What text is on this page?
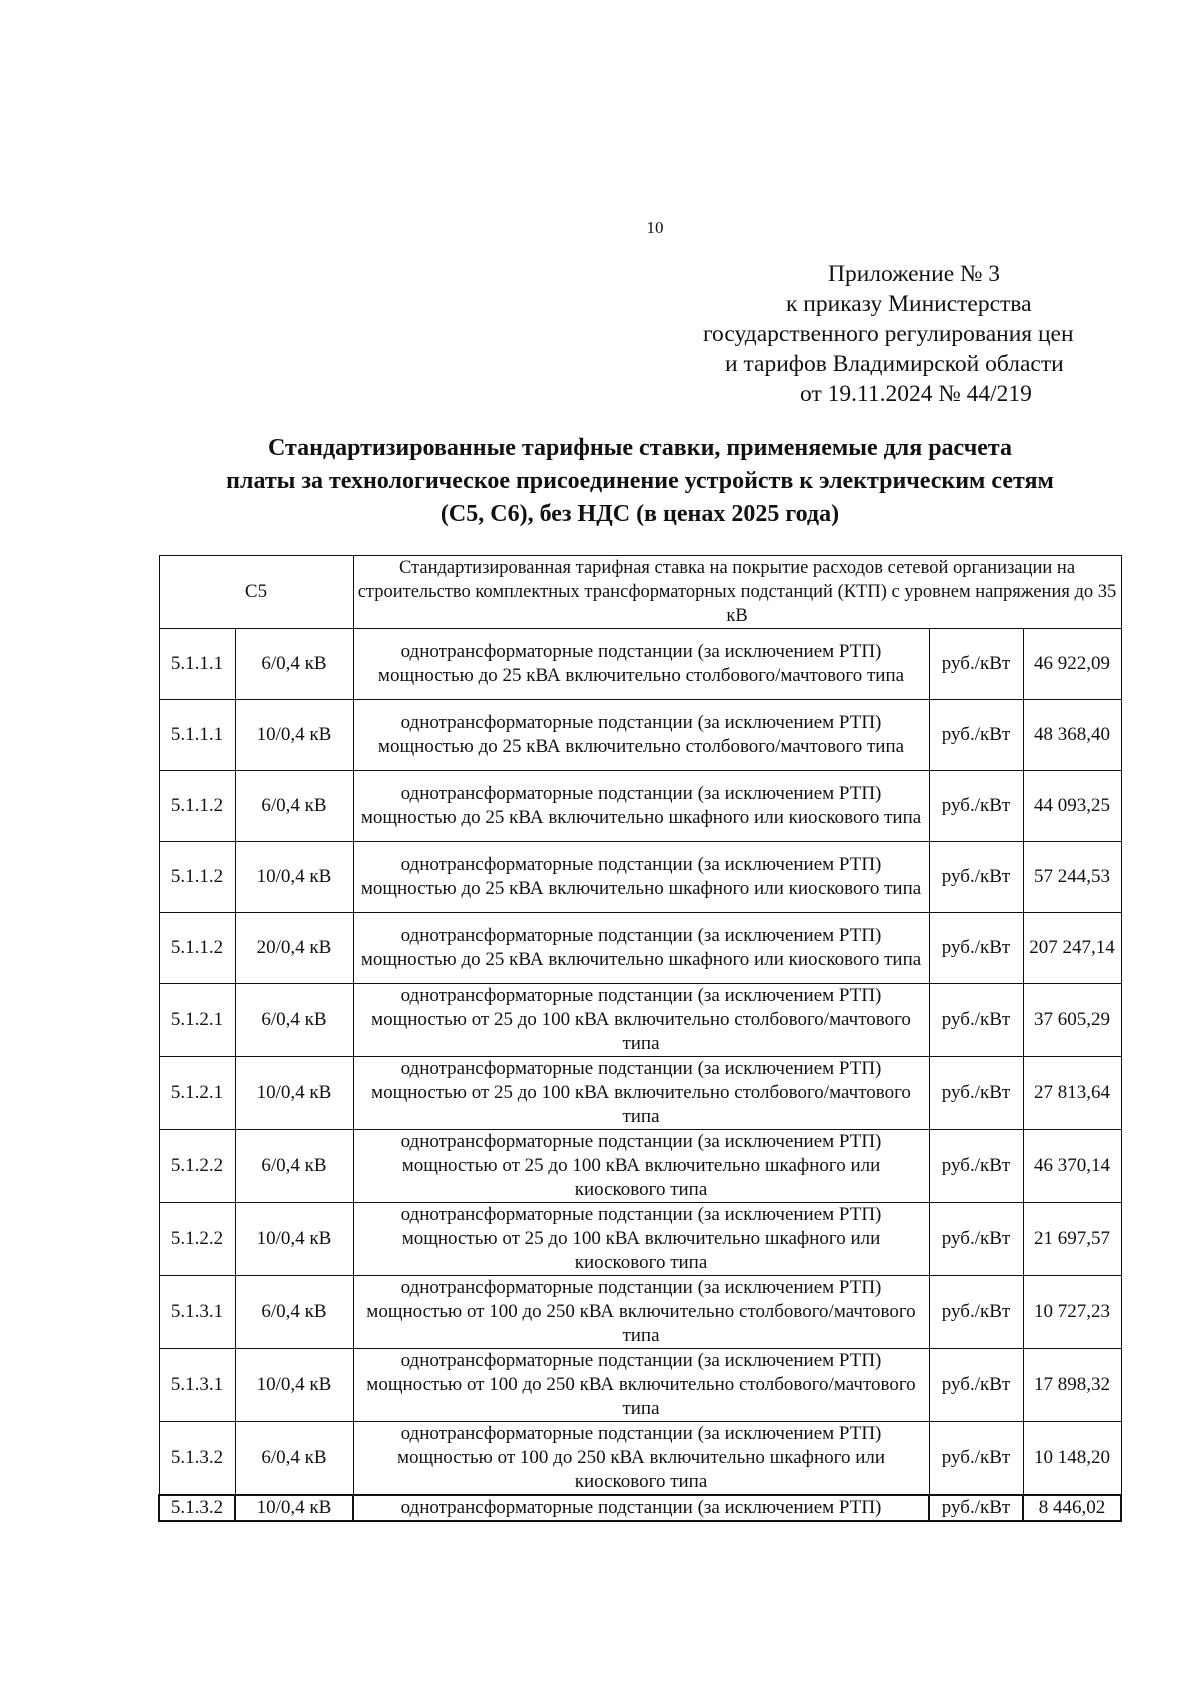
10
Приложение № 3
к приказу Министерства
государственного регулирования цен
и тарифов Владимирской области
от 19.11.2024 № 44/219
Стандартизированные тарифные ставки, применяемые для расчета
платы за технологическое присоединение устройств к электрическим сетям
(С5, С6), без НДС (в ценах 2025 года)
С5		Стандартизированная тарифная ставка на покрытие расходов сетевой организации на строительство комплектных трансформаторных подстанций (КТП) с уровнем напряжения до 35 кВ		
5.1.1.1	6/0,4 кВ	однотрансформаторные подстанции (за исключением РТП) мощностью до 25 кВА включительно столбового/мачтового типа	руб./кВт	46 922,09
5.1.1.1	10/0,4 кВ	однотрансформаторные подстанции (за исключением РТП) мощностью до 25 кВА включительно столбового/мачтового типа	руб./кВт	48 368,40
5.1.1.2	6/0,4 кВ	однотрансформаторные подстанции (за исключением РТП) мощностью до 25 кВА включительно шкафного или киоскового типа	руб./кВт	44 093,25
5.1.1.2	10/0,4 кВ	однотрансформаторные подстанции (за исключением РТП) мощностью до 25 кВА включительно шкафного или киоскового типа	руб./кВт	57 244,53
5.1.1.2	20/0,4 кВ	однотрансформаторные подстанции (за исключением РТП) мощностью до 25 кВА включительно шкафного или киоскового типа	руб./кВт	207 247,14
5.1.2.1	6/0,4 кВ	однотрансформаторные подстанции (за исключением РТП) мощностью от 25 до 100 кВА включительно столбового/мачтового типа	руб./кВт	37 605,29
5.1.2.1	10/0,4 кВ	однотрансформаторные подстанции (за исключением РТП) мощностью от 25 до 100 кВА включительно столбового/мачтового типа	руб./кВт	27 813,64
5.1.2.2	6/0,4 кВ	однотрансформаторные подстанции (за исключением РТП) мощностью от 25 до 100 кВА включительно шкафного или киоскового типа	руб./кВт	46 370,14
5.1.2.2	10/0,4 кВ	однотрансформаторные подстанции (за исключением РТП) мощностью от 25 до 100 кВА включительно шкафного или киоскового типа	руб./кВт	21 697,57
5.1.3.1	6/0,4 кВ	однотрансформаторные подстанции (за исключением РТП) мощностью от 100 до 250 кВА включительно столбового/мачтового типа	руб./кВт	10 727,23
5.1.3.1	10/0,4 кВ	однотрансформаторные подстанции (за исключением РТП) мощностью от 100 до 250 кВА включительно столбового/мачтового типа	руб./кВт	17 898,32
5.1.3.2	6/0,4 кВ	однотрансформаторные подстанции (за исключением РТП) мощностью от 100 до 250 кВА включительно шкафного или киоскового типа	руб./кВт	10 148,20
5.1.3.2	10/0,4 кВ	однотрансформаторные подстанции (за исключением РТП)	руб./кВт	8 446,02
